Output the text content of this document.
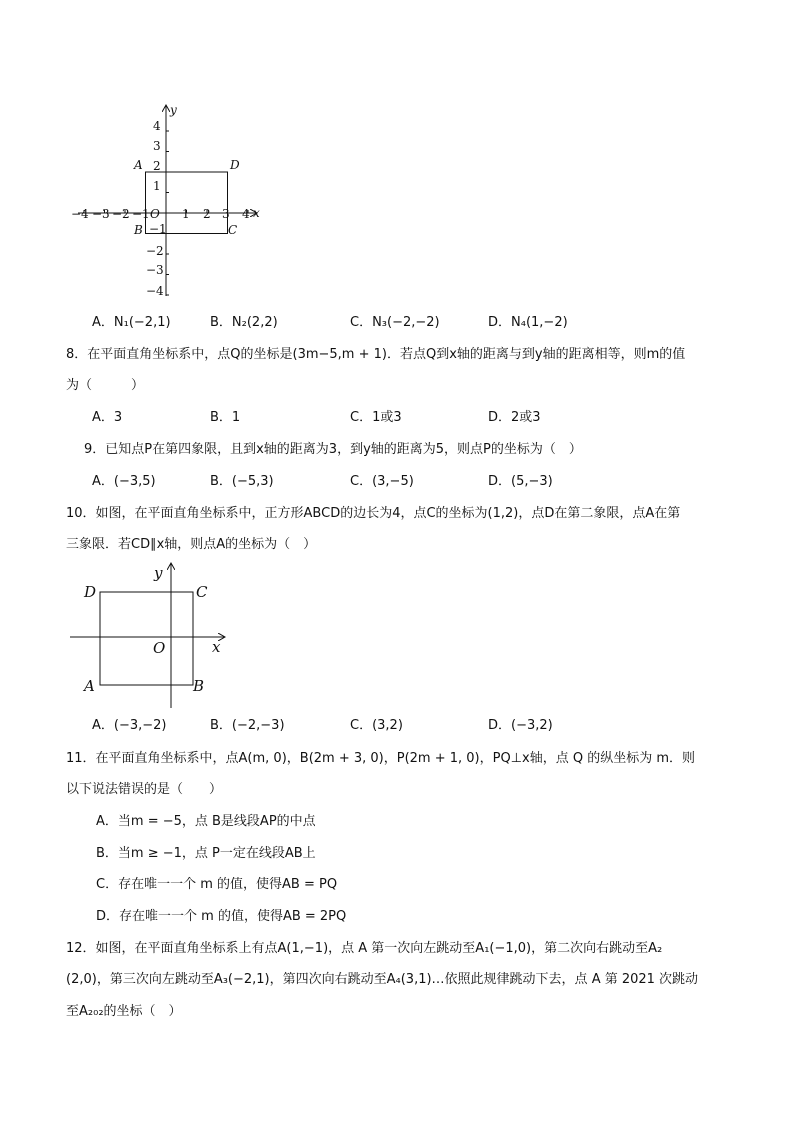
−4 −3 −2 −1 O 1 2 3 4 x
y
4
3
2
1
−1
−2
−3
−4
A	D
B	C
A．N₁(−2,1)	B．N₂(2,2)	C．N₃(−2,−2)	D．N₄(1,−2)
8．在平面直角坐标系中，点Q的坐标是(3m−5,m + 1)．若点Q到x轴的距离与到y轴的距离相等，则m的值
为（　　　）
A．3	B．1	C．1或3	D．2或3
9．已知点P在第四象限，且到x轴的距离为3，到y轴的距离为5，则点P的坐标为（　）
A．(−3,5)	B．(−5,3)	C．(3,−5)	D．(5,−3)
10．如图，在平面直角坐标系中，正方形ABCD的边长为4，点C的坐标为(1,2)，点D在第二象限，点A在第
三象限．若CD∥x轴，则点A的坐标为（　）
D	C
A	B
O	x
y
A．(−3,−2)	B．(−2,−3)	C．(3,2)	D．(−3,2)
11．在平面直角坐标系中，点A(m, 0)，B(2m + 3, 0)，P(2m + 1, 0)，PQ⊥x轴，点 Q 的纵坐标为 m．则
以下说法错误的是（　　）
A．当m = −5，点 B是线段AP的中点
B．当m ≥ −1，点 P一定在线段AB上
C．存在唯一一个 m 的值，使得AB = PQ
D．存在唯一一个 m 的值，使得AB = 2PQ
12．如图，在平面直角坐标系上有点A(1,−1)，点 A 第一次向左跳动至A₁(−1,0)，第二次向右跳动至A₂
(2,0)，第三次向左跳动至A₃(−2,1)，第四次向右跳动至A₄(3,1)…依照此规律跳动下去，点 A 第 2021 次跳动
至A₂₀₂的坐标（　）
